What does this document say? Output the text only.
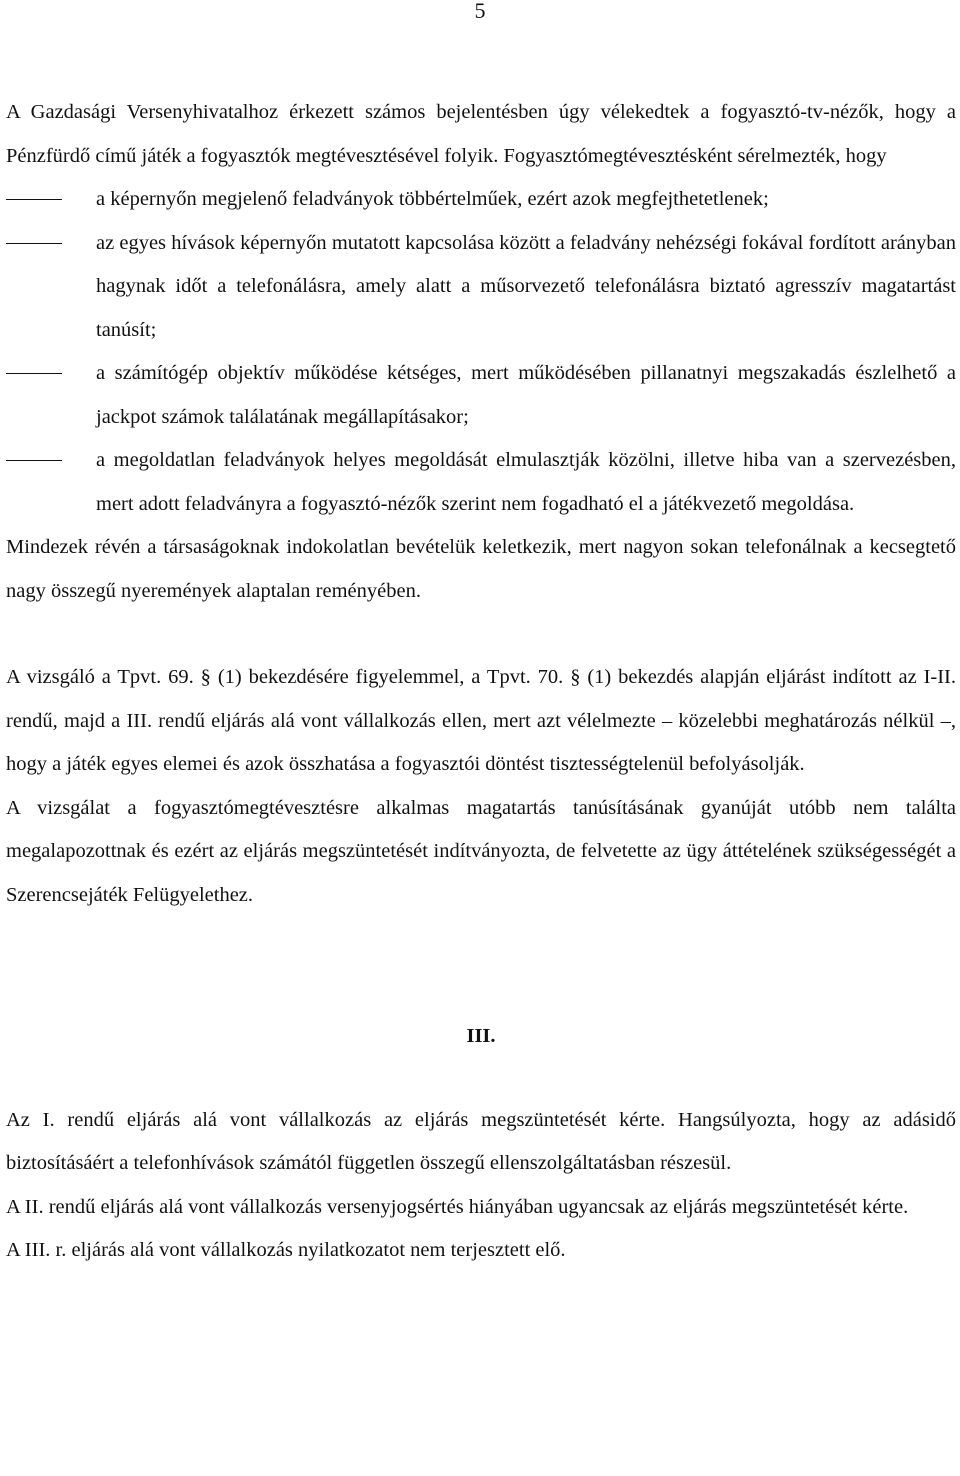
5

A Gazdasági Versenyhivatalhoz érkezett számos bejelentésben úgy vélekedtek a fogyasztó-tv-nézők, hogy a Pénzfürdő című játék a fogyasztók megtévesztésével folyik. Fogyasztómegtévesztésként sérelmezték, hogy

a képernyőn megjelenő feladványok többértelműek, ezért azok megfejthetetlenek;
az egyes hívások képernyőn mutatott kapcsolása között a feladvány nehézségi fokával fordított arányban hagynak időt a telefonálásra, amely alatt a műsorvezető telefonálásra biztató agresszív magatartást tanúsít;
a számítógép objektív működése kétséges, mert működésében pillanatnyi megszakadás észlelhető a jackpot számok találatának megállapításakor;
a megoldatlan feladványok helyes megoldását elmulasztják közölni, illetve hiba van a szervezésben, mert adott feladványra a fogyasztó-nézők szerint nem fogadható el a játékvezető megoldása.

Mindezek révén a társaságoknak indokolatlan bevételük keletkezik, mert nagyon sokan telefonálnak a kecsegtető nagy összegű nyeremények alaptalan reményében.

A vizsgáló a Tpvt. 69. § (1) bekezdésére figyelemmel, a Tpvt. 70. § (1) bekezdés alapján eljárást indított az I-II. rendű, majd a III. rendű eljárás alá vont vállalkozás ellen, mert azt vélelmezte – közelebbi meghatározás nélkül –, hogy a játék egyes elemei és azok összhatása a fogyasztói döntést tisztességtelenül befolyásolják.

A vizsgálat a fogyasztómegtévesztésre alkalmas magatartás tanúsításának gyanúját utóbb nem találta megalapozottnak és ezért az eljárás megszüntetését indítványozta, de felvetette az ügy áttételének szükségességét a Szerencsejáték Felügyelethez.

III.

Az I. rendű eljárás alá vont vállalkozás az eljárás megszüntetését kérte. Hangsúlyozta, hogy az adásidő biztosításáért a telefonhívások számától független összegű ellenszolgáltatásban részesül.

A II. rendű eljárás alá vont vállalkozás versenyjogsértés hiányában ugyancsak az eljárás megszüntetését kérte.

A III. r. eljárás alá vont vállalkozás nyilatkozatot nem terjesztett elő.
